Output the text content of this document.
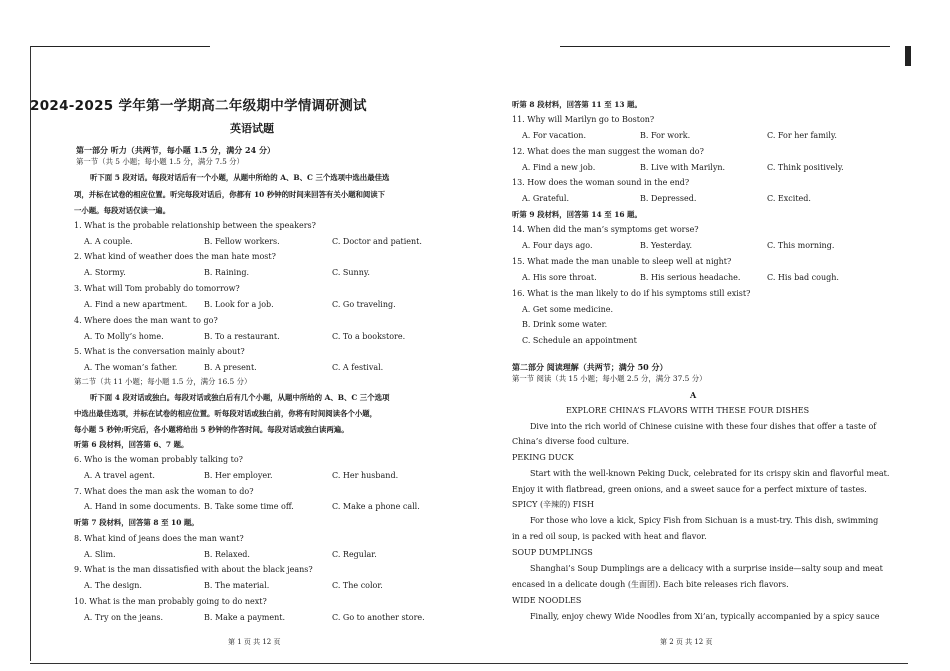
2024-2025 学年第一学期高二年级期中学情调研测试
英语试题
第一部分 听力（共两节，每小题 1.5 分，满分 24 分）
第一节（共 5 小题；每小题 1.5 分，满分 7.5 分）
听下面 5 段对话。每段对话后有一个小题，从题中所给的 A、B、C 三个选项中选出最佳选
项，并标在试卷的相应位置。听完每段对话后，你都有 10 秒钟的时间来回答有关小题和阅读下
一小题。每段对话仅读一遍。
1. What is the probable relationship between the speakers?
A. A couple.	B. Fellow workers.	C. Doctor and patient.
2. What kind of weather does the man hate most?
A. Stormy.	B. Raining.	C. Sunny.
3. What will Tom probably do tomorrow?
A. Find a new apartment. B. Look for a job.	C. Go traveling.
4. Where does the man want to go?
A. To Molly’s home.	B. To a restaurant.	C. To a bookstore.
5. What is the conversation mainly about?
A. The woman’s father.	B. A present.	C. A festival.
第二节（共 11 小题；每小题 1.5 分，满分 16.5 分）
听下面 4 段对话或独白。每段对话或独白后有几个小题，从题中所给的 A、B、C 三个选项
中选出最佳选项，并标在试卷的相应位置。听每段对话或独白前，你将有时间阅读各个小题，
每小题 5 秒钟;听完后，各小题将给出 5 秒钟的作答时间。每段对话或独白读两遍。
听第 6 段材料，回答第 6、7 题。
6. Who is the woman probably talking to?
A. A travel agent.	B. Her employer.	C. Her husband.
7. What does the man ask the woman to do?
A. Hand in some documents. B. Take some time off.	C. Make a phone call.
听第 7 段材料，回答第 8 至 10 题。
8. What kind of jeans does the man want?
A. Slim.	B. Relaxed.	C. Regular.
9. What is the man dissatisfied with about the black jeans?
A. The design.	B. The material.	C. The color.
10. What is the man probably going to do next?
A. Try on the jeans.	B. Make a payment.	C. Go to another store.
第 1 页 共 12 页
听第 8 段材料，回答第 11 至 13 题。
11. Why will Marilyn go to Boston?
A. For vacation.	B. For work.	C. For her family.
12. What does the man suggest the woman do?
A. Find a new job.	B. Live with Marilyn.	C. Think positively.
13. How does the woman sound in the end?
A. Grateful.	B. Depressed.	C. Excited.
听第 9 段材料，回答第 14 至 16 题。
14. When did the man’s symptoms get worse?
A. Four days ago.	B. Yesterday.	C. This morning.
15. What made the man unable to sleep well at night?
A. His sore throat.	B. His serious headache.	C. His bad cough.
16. What is the man likely to do if his symptoms still exist?
A. Get some medicine.
B. Drink some water.
C. Schedule an appointment
第二部分 阅读理解（共两节；满分 50 分）
第一节 阅读（共 15 小题；每小题 2.5 分，满分 37.5 分）
A
EXPLORE CHINA’S FLAVORS WITH THESE FOUR DISHES
Dive into the rich world of Chinese cuisine with these four dishes that offer a taste of
China’s diverse food culture.
PEKING DUCK
Start with the well-known Peking Duck, celebrated for its crispy skin and flavorful meat.
Enjoy it with flatbread, green onions, and a sweet sauce for a perfect mixture of tastes.
SPICY (辛辣的) FISH
For those who love a kick, Spicy Fish from Sichuan is a must-try. This dish, swimming
in a red oil soup, is packed with heat and flavor.
SOUP DUMPLINGS
Shanghai’s Soup Dumplings are a delicacy with a surprise inside—salty soup and meat
encased in a delicate dough (生面团). Each bite releases rich flavors.
WIDE NOODLES
Finally, enjoy chewy Wide Noodles from Xi’an, typically accompanied by a spicy sauce
第 2 页 共 12 页
